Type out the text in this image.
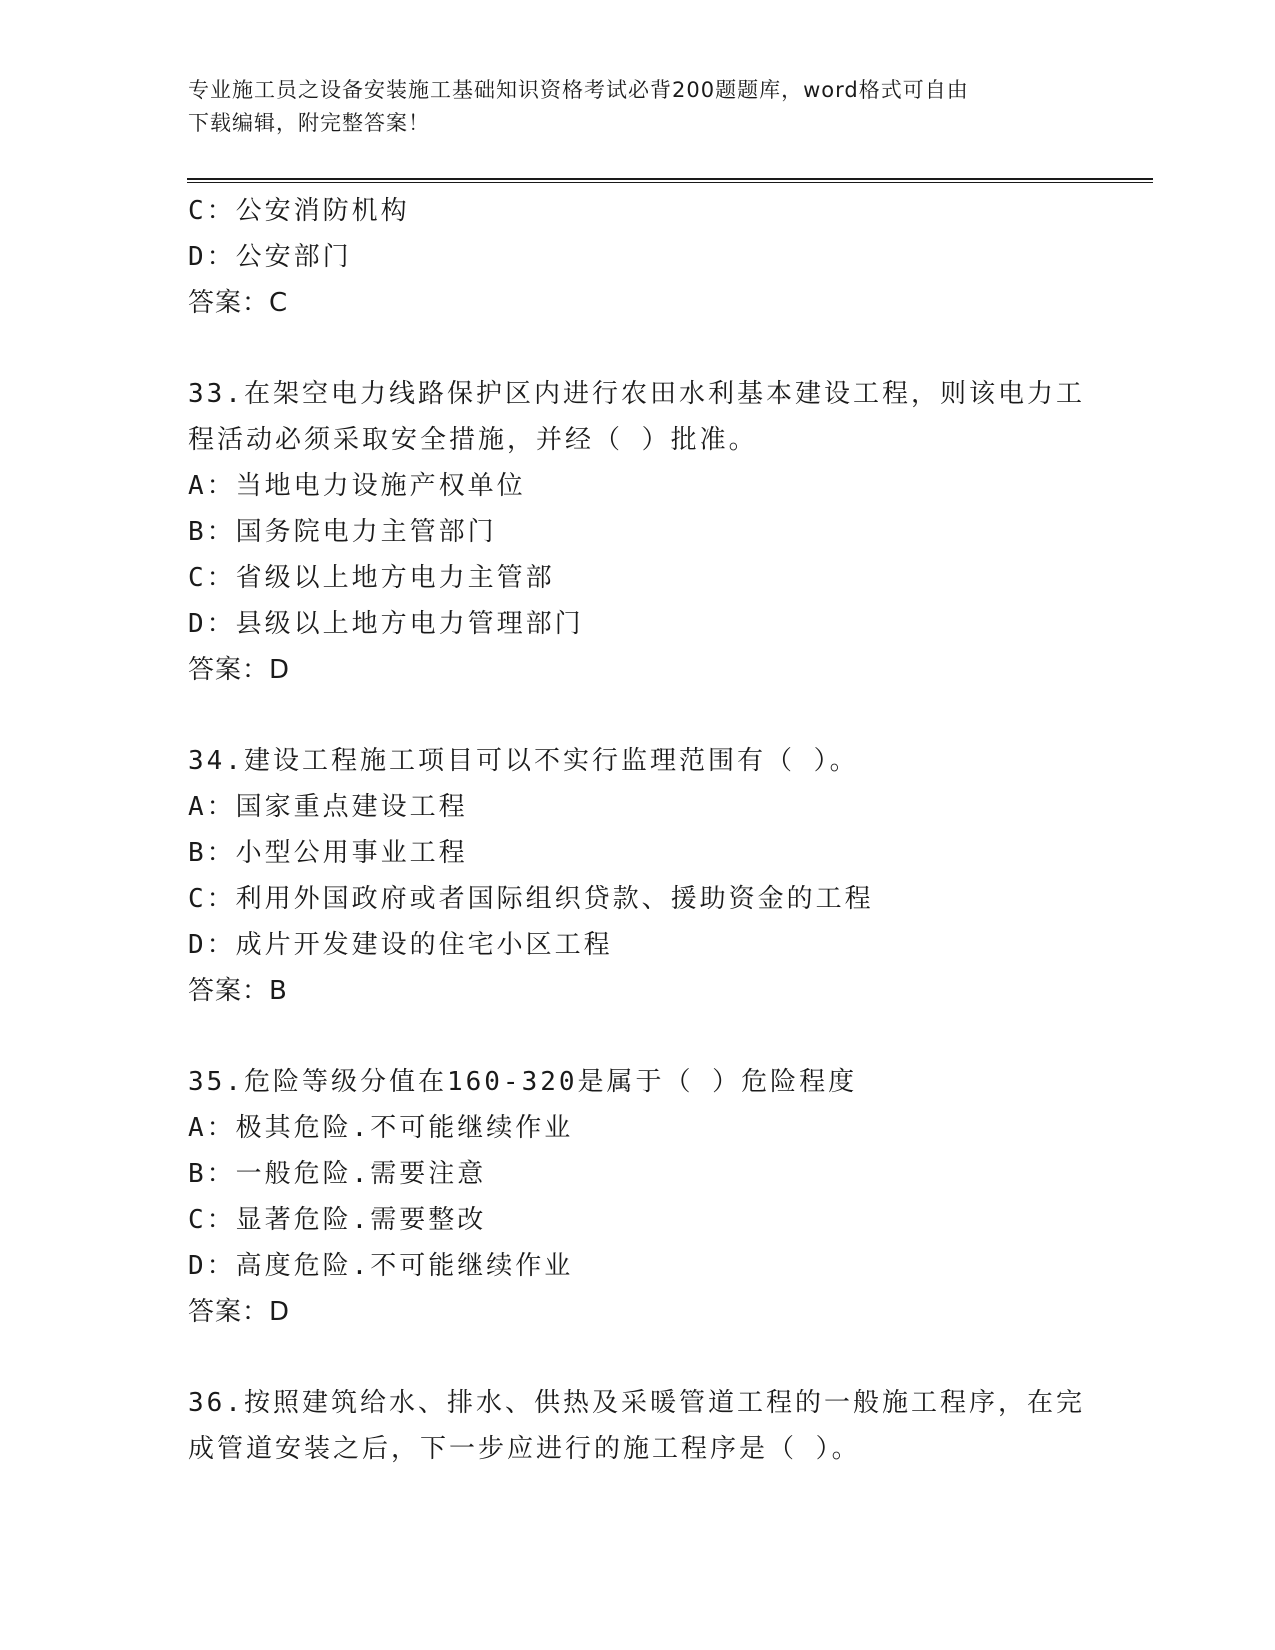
专业施工员之设备安装施工基础知识资格考试必背200题题库，word格式可自由
下载编辑，附完整答案！
C：公安消防机构
D：公安部门
答案：C
33.在架空电力线路保护区内进行农田水利基本建设工程，则该电力工
程活动必须采取安全措施，并经（ ）批准。
A：当地电力设施产权单位
B：国务院电力主管部门
C：省级以上地方电力主管部
D：县级以上地方电力管理部门
答案：D
34.建设工程施工项目可以不实行监理范围有（ ）。
A：国家重点建设工程
B：小型公用事业工程
C：利用外国政府或者国际组织贷款、援助资金的工程
D：成片开发建设的住宅小区工程
答案：B
35.危险等级分值在160-320是属于（ ）危险程度
A：极其危险.不可能继续作业
B：一般危险.需要注意
C：显著危险.需要整改
D：高度危险.不可能继续作业
答案：D
36.按照建筑给水、排水、供热及采暖管道工程的一般施工程序，在完
成管道安装之后，下一步应进行的施工程序是（ ）。
